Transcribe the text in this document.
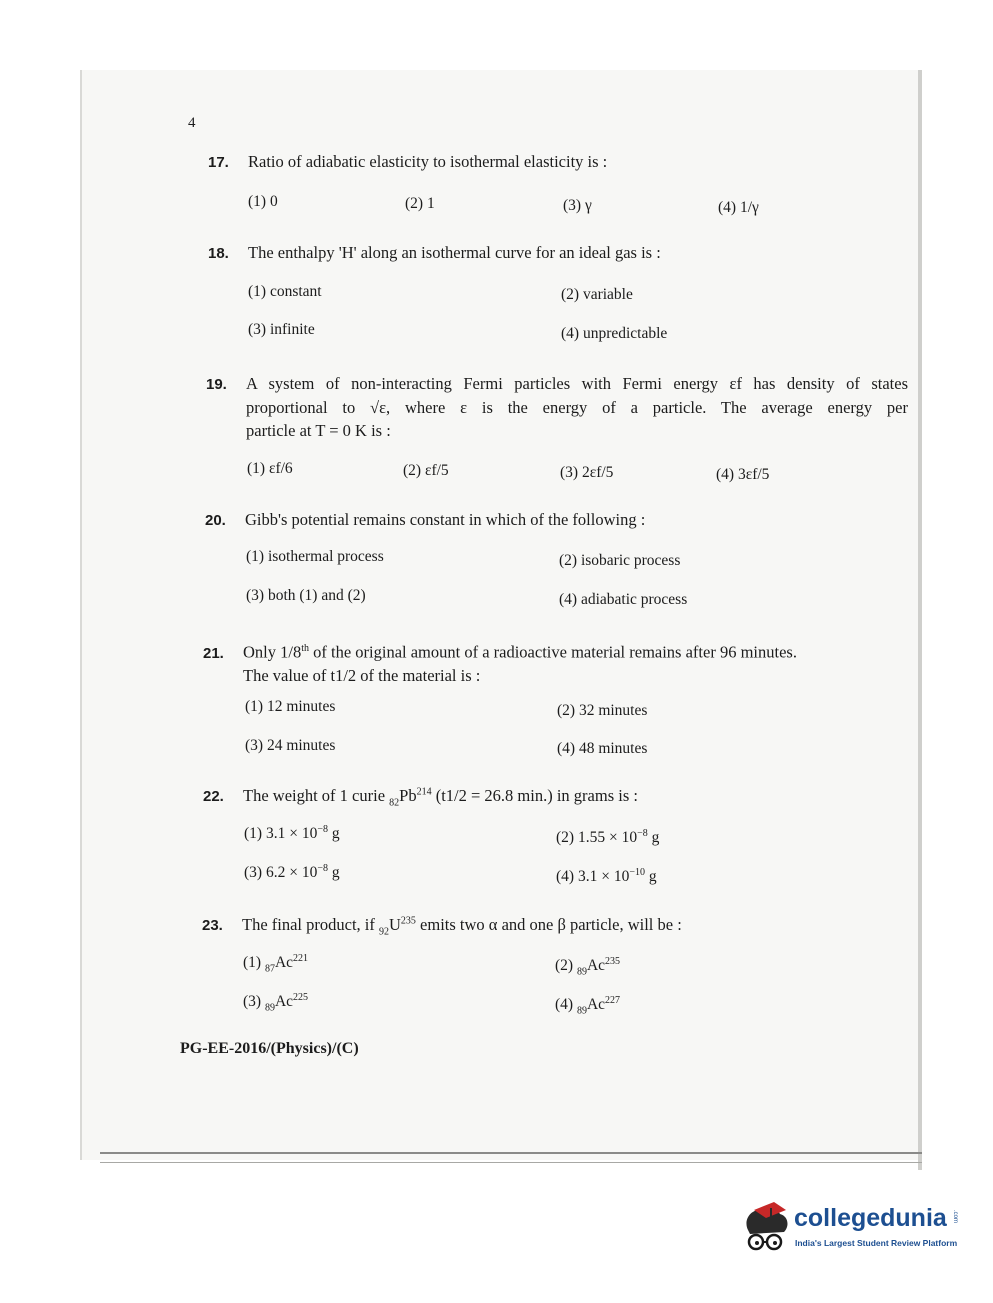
4
17. Ratio of adiabatic elasticity to isothermal elasticity is :
(1) 0	(2) 1	(3) γ	(4) 1/γ
18. The enthalpy 'H' along an isothermal curve for an ideal gas is :
(1) constant	(2) variable
(3) infinite	(4) unpredictable
19. A system of non-interacting Fermi particles with Fermi energy εf has density of states
proportional to √ε, where ε is the energy of a particle. The average energy per
particle at T = 0 K is :
(1) εf/6	(2) εf/5	(3) 2εf/5	(4) 3εf/5
20. Gibb's potential remains constant in which of the following :
(1) isothermal process	(2) isobaric process
(3) both (1) and (2)	(4) adiabatic process
21. Only 1/8th of the original amount of a radioactive material remains after 96 minutes.
The value of t1/2 of the material is :
(1) 12 minutes	(2) 32 minutes
(3) 24 minutes	(4) 48 minutes
22. The weight of 1 curie $_{82}Pb^{214}$ (t1/2 = 26.8 min.) in grams is :
(1) $3.1 \times 10^{-8}$ g	(2) $1.55 \times 10^{-8}$ g
(3) $6.2 \times 10^{-8}$ g	(4) $3.1 \times 10^{-10}$ g
23. The final product, if $_{92}U^{235}$ emits two α and one β particle, will be :
(1) $_{87}Ac^{221}$	(2) $_{89}Ac^{235}$
(3) $_{89}Ac^{225}$	(4) $_{89}Ac^{227}$
PG-EE-2016/(Physics)/(C)
collegedunia .com
India's Largest Student Review Platform
